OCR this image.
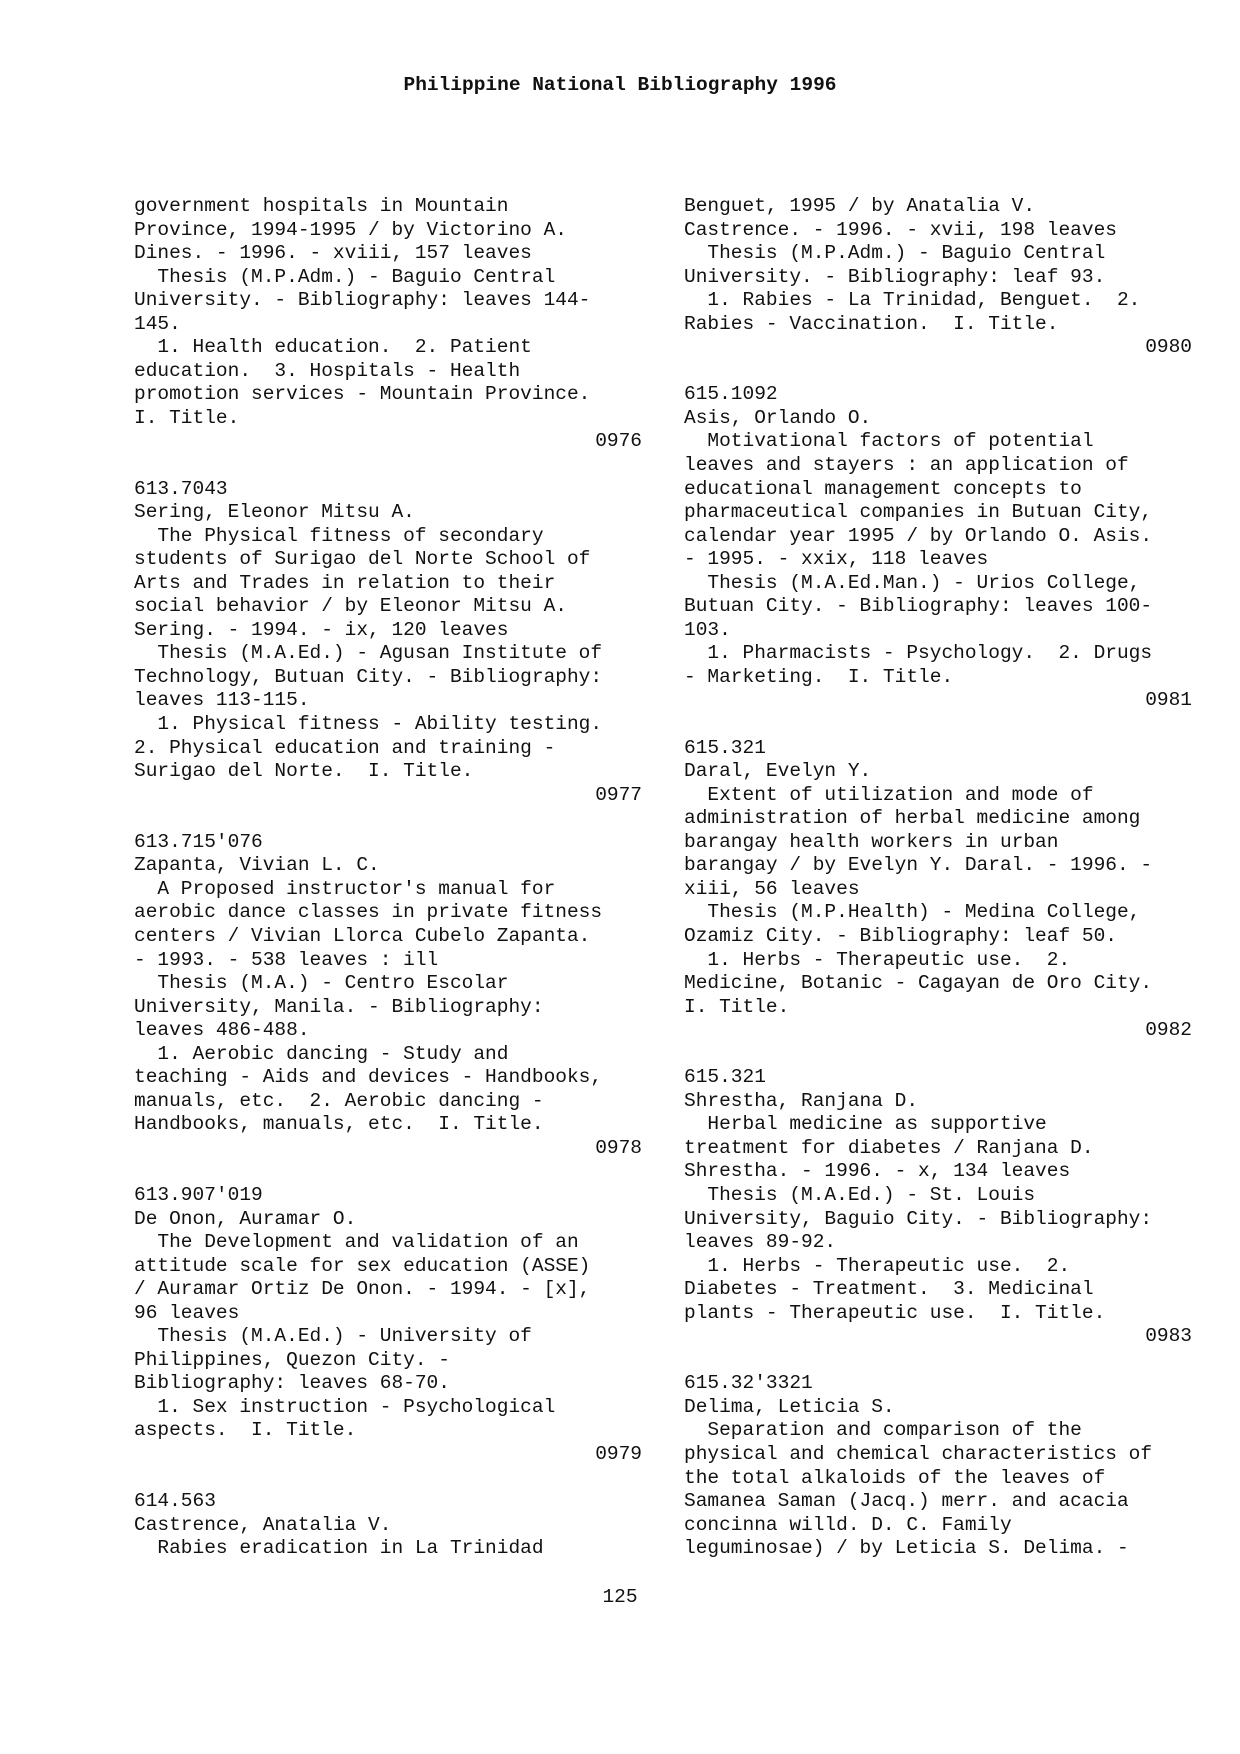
Philippine National Bibliography 1996
government hospitals in Mountain
Province, 1994-1995 / by Victorino A.
Dines. - 1996. - xviii, 157 leaves
Thesis (M.P.Adm.) - Baguio Central
University. - Bibliography: leaves 144-
145.
1. Health education.  2. Patient
education.  3. Hospitals - Health
promotion services - Mountain Province.
I. Title.
0976
613.7043
Sering, Eleonor Mitsu A.
The Physical fitness of secondary
students of Surigao del Norte School of
Arts and Trades in relation to their
social behavior / by Eleonor Mitsu A.
Sering. - 1994. - ix, 120 leaves
Thesis (M.A.Ed.) - Agusan Institute of
Technology, Butuan City. - Bibliography:
leaves 113-115.
1. Physical fitness - Ability testing.
2. Physical education and training -
Surigao del Norte.  I. Title.
0977
613.715'076
Zapanta, Vivian L. C.
A Proposed instructor's manual for
aerobic dance classes in private fitness
centers / Vivian Llorca Cubelo Zapanta.
- 1993. - 538 leaves : ill
Thesis (M.A.) - Centro Escolar
University, Manila. - Bibliography:
leaves 486-488.
1. Aerobic dancing - Study and
teaching - Aids and devices - Handbooks,
manuals, etc.  2. Aerobic dancing -
Handbooks, manuals, etc.  I. Title.
0978
613.907'019
De Onon, Auramar O.
The Development and validation of an
attitude scale for sex education (ASSE)
/ Auramar Ortiz De Onon. - 1994. - [x],
96 leaves
Thesis (M.A.Ed.) - University of
Philippines, Quezon City. -
Bibliography: leaves 68-70.
1. Sex instruction - Psychological
aspects.  I. Title.
0979
614.563
Castrence, Anatalia V.
Rabies eradication in La Trinidad
Benguet, 1995 / by Anatalia V.
Castrence. - 1996. - xvii, 198 leaves
Thesis (M.P.Adm.) - Baguio Central
University. - Bibliography: leaf 93.
1. Rabies - La Trinidad, Benguet.  2.
Rabies - Vaccination.  I. Title.
0980
615.1092
Asis, Orlando O.
Motivational factors of potential
leaves and stayers : an application of
educational management concepts to
pharmaceutical companies in Butuan City,
calendar year 1995 / by Orlando O. Asis.
- 1995. - xxix, 118 leaves
Thesis (M.A.Ed.Man.) - Urios College,
Butuan City. - Bibliography: leaves 100-
103.
1. Pharmacists - Psychology.  2. Drugs
- Marketing.  I. Title.
0981
615.321
Daral, Evelyn Y.
Extent of utilization and mode of
administration of herbal medicine among
barangay health workers in urban
barangay / by Evelyn Y. Daral. - 1996. -
xiii, 56 leaves
Thesis (M.P.Health) - Medina College,
Ozamiz City. - Bibliography: leaf 50.
1. Herbs - Therapeutic use.  2.
Medicine, Botanic - Cagayan de Oro City.
I. Title.
0982
615.321
Shrestha, Ranjana D.
Herbal medicine as supportive
treatment for diabetes / Ranjana D.
Shrestha. - 1996. - x, 134 leaves
Thesis (M.A.Ed.) - St. Louis
University, Baguio City. - Bibliography:
leaves 89-92.
1. Herbs - Therapeutic use.  2.
Diabetes - Treatment.  3. Medicinal
plants - Therapeutic use.  I. Title.
0983
615.32'3321
Delima, Leticia S.
Separation and comparison of the
physical and chemical characteristics of
the total alkaloids of the leaves of
Samanea Saman (Jacq.) merr. and acacia
concinna willd. D. C. Family
leguminosae) / by Leticia S. Delima. -
125
